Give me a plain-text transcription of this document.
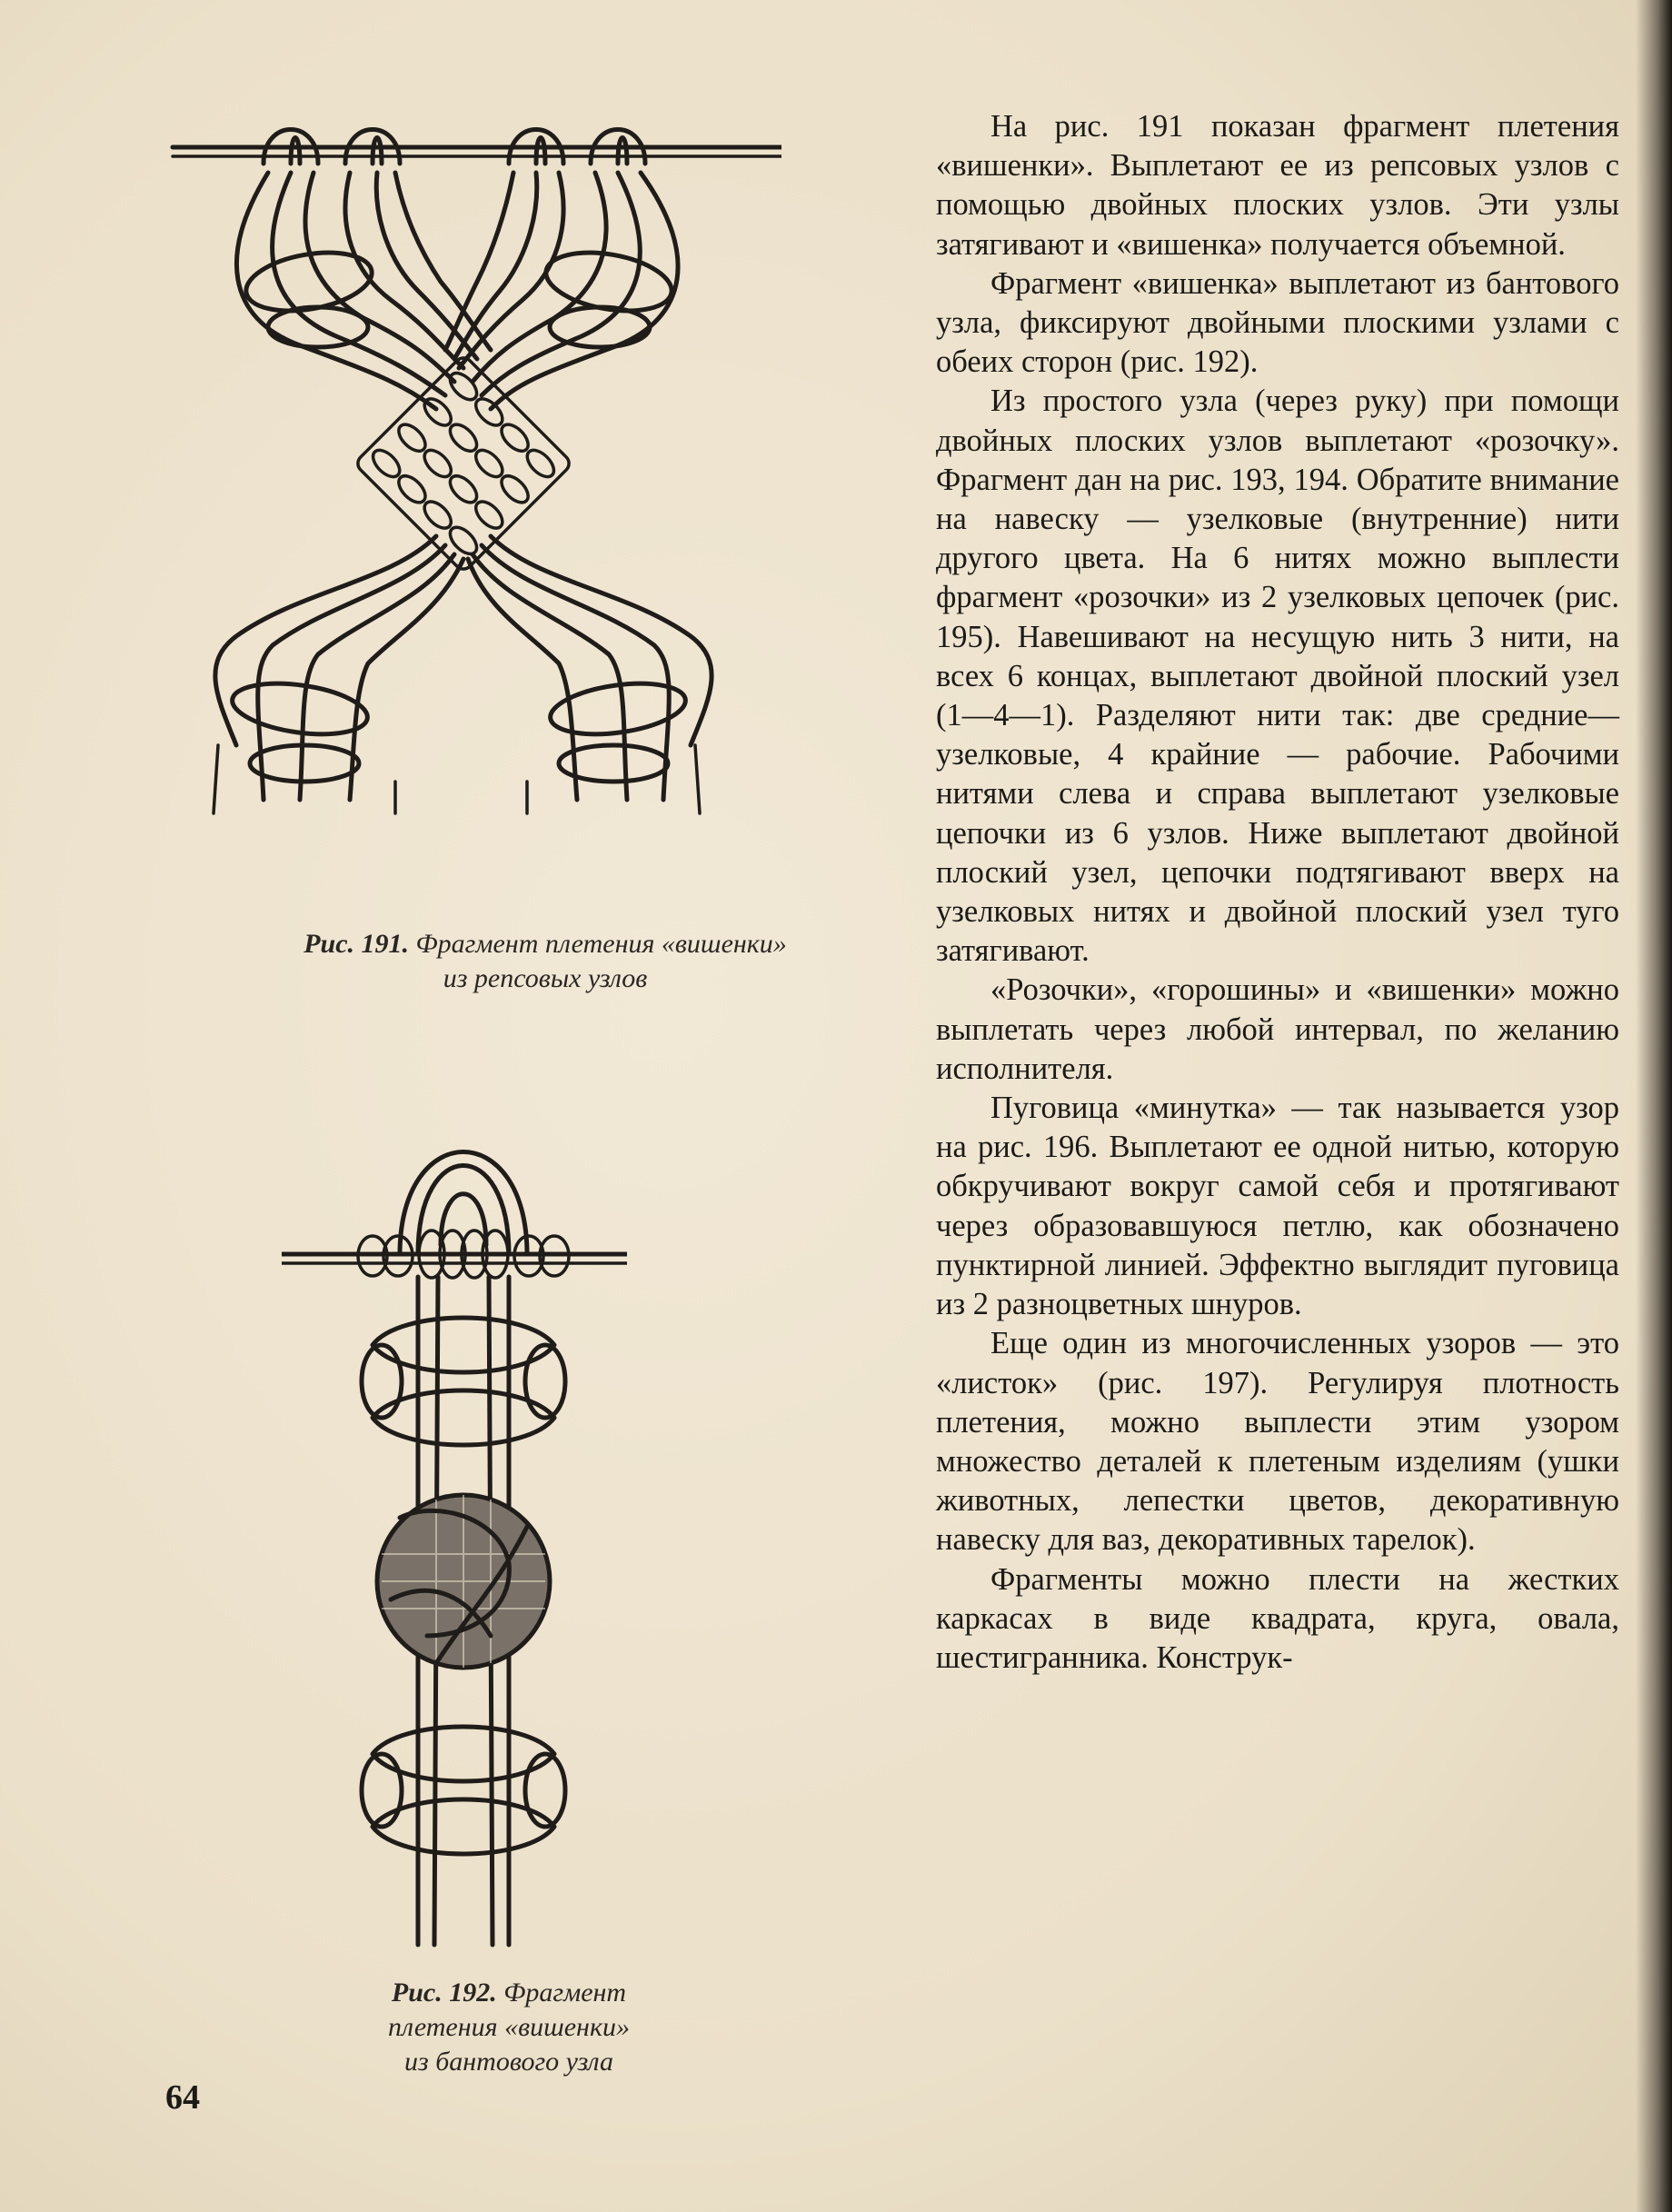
Рис. 191. Фрагмент плетения «вишенки»
из репсовых узлов
Рис. 192. Фрагмент
плетения «вишенки»
из бантового узла

На рис. 191 показан фрагмент плетения «вишенки». Выплетают ее из репсовых узлов с помощью двойных плоских узлов. Эти узлы затягивают и «вишенка» получается объемной.

Фрагмент «вишенка» выплетают из бантового узла, фиксируют двойными плоскими узлами с обеих сторон (рис. 192).

Из простого узла (через руку) при помощи двойных плоских узлов выплетают «розочку». Фрагмент дан на рис. 193, 194. Обратите внимание на навеску — узелковые (внутренние) нити другого цвета. На 6 нитях можно выплести фрагмент «розочки» из 2 узелковых цепочек (рис. 195). Навешивают на несущую нить 3 нити, на всех 6 концах, выплетают двойной плоский узел (1—4—1). Разделяют нити так: две средние— узелковые, 4 крайние — рабочие. Рабочими нитями слева и справа выплетают узелковые цепочки из 6 узлов. Ниже выплетают двойной плоский узел, цепочки подтягивают вверх на узелковых нитях и двойной плоский узел туго затягивают.

«Розочки», «горошины» и «вишенки» можно выплетать через любой интервал, по желанию исполнителя.

Пуговица «минутка» — так называется узор на рис. 196. Выплетают ее одной нитью, которую обкручивают вокруг самой себя и протягивают через образовавшуюся петлю, как обозначено пунктирной линией. Эффектно выглядит пуговица из 2 разноцветных шнуров.

Еще один из многочисленных узоров — это «листок» (рис. 197). Регулируя плотность плетения, можно выплести этим узором множество деталей к плетеным изделиям (ушки животных, лепестки цветов, декоративную навеску для ваз, декоративных тарелок).

Фрагменты можно плести на жестких каркасах в виде квадрата, круга, овала, шестигранника. Конструк-

64
